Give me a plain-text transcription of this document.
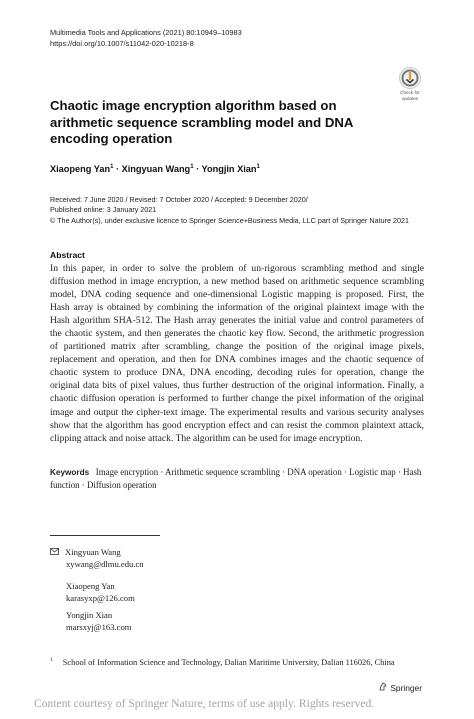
Multimedia Tools and Applications (2021) 80:10949–10983
https://doi.org/10.1007/s11042-020-10218-8
Check for
updates
Chaotic image encryption algorithm based on arithmetic sequence scrambling model and DNA encoding operation
Xiaopeng Yan$^1$ · Xingyuan Wang$^1$ · Yongjin Xian$^1$
Received: 7 June 2020 / Revised: 7 October 2020 / Accepted: 9 December 2020/
Published online: 3 January 2021
© The Author(s), under exclusive licence to Springer Science+Business Media, LLC part of Springer Nature 2021
Abstract
In this paper, in order to solve the problem of un-rigorous scrambling method and single diffusion method in image encryption, a new method based on arithmetic sequence scrambling model, DNA coding sequence and one-dimensional Logistic mapping is proposed. First, the Hash array is obtained by combining the information of the original plaintext image with the Hash algorithm SHA-512. The Hash array generates the initial value and control parameters of the chaotic system, and then generates the chaotic key flow. Second, the arithmetic progression of partitioned matrix after scrambling, change the position of the original image pixels, replacement and operation, and then for DNA combines images and the chaotic sequence of chaotic system to produce DNA, DNA encoding, decoding rules for operation, change the original data bits of pixel values, thus further destruction of the original information. Finally, a chaotic diffusion operation is performed to further change the pixel information of the original image and output the cipher-text image. The experimental results and various security analyses show that the algorithm has good encryption effect and can resist the common plaintext attack, clipping attack and noise attack. The algorithm can be used for image encryption.
Keywords Image encryption · Arithmetic sequence scrambling · DNA operation · Logistic map · Hash function · Diffusion operation
Xingyuan Wang
xywang@dlmu.edu.cn
Xiaopeng Yan
karasyxp@126.com
Yongjin Xian
marsxyj@163.com
$^1$ School of Information Science and Technology, Dalian Maritime University, Dalian 116026, China
Springer
Content courtesy of Springer Nature, terms of use apply. Rights reserved.
